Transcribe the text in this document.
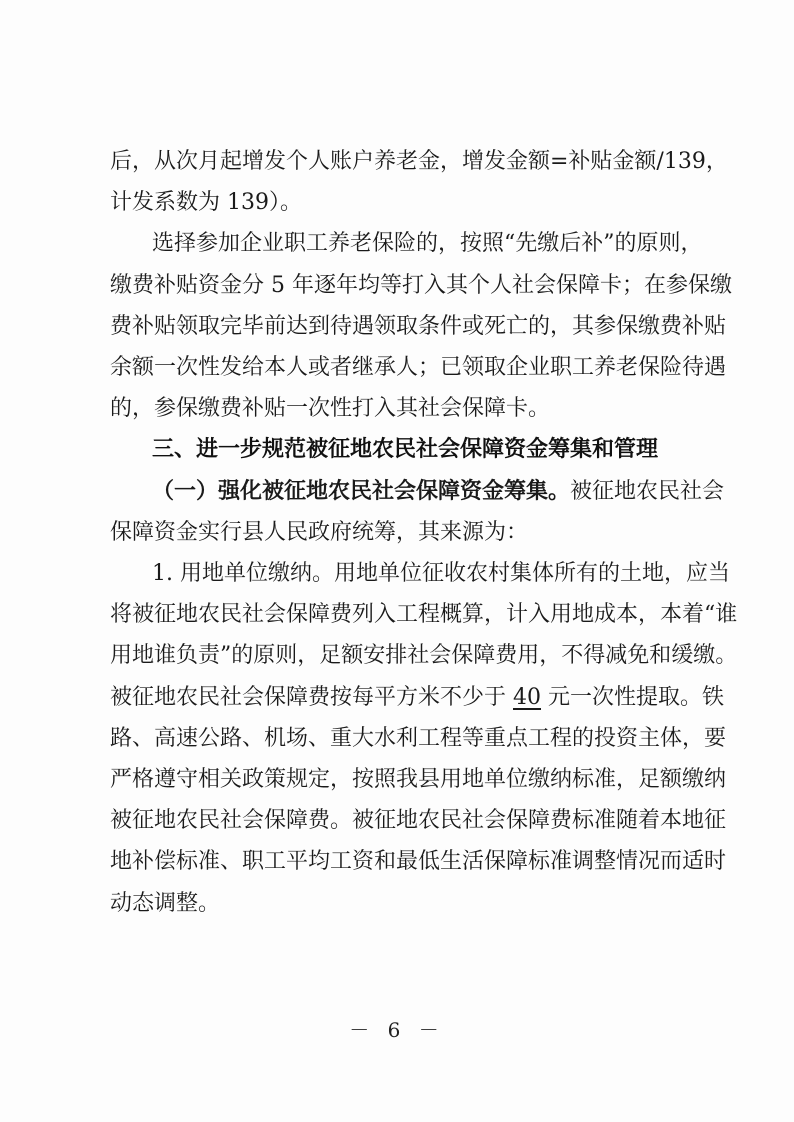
后，从次月起增发个人账户养老金，增发金额=补贴金额/139，
计发系数为 139）。
选择参加企业职工养老保险的，按照“先缴后补”的原则，
缴费补贴资金分 5 年逐年均等打入其个人社会保障卡；在参保缴
费补贴领取完毕前达到待遇领取条件或死亡的，其参保缴费补贴
余额一次性发给本人或者继承人；已领取企业职工养老保险待遇
的，参保缴费补贴一次性打入其社会保障卡。
三、进一步规范被征地农民社会保障资金筹集和管理
（一）强化被征地农民社会保障资金筹集。被征地农民社会
保障资金实行县人民政府统筹，其来源为：
1. 用地单位缴纳。用地单位征收农村集体所有的土地，应当
将被征地农民社会保障费列入工程概算，计入用地成本，本着“谁
用地谁负责”的原则，足额安排社会保障费用，不得减免和缓缴。
被征地农民社会保障费按每平方米不少于 40 元一次性提取。铁
路、高速公路、机场、重大水利工程等重点工程的投资主体，要
严格遵守相关政策规定，按照我县用地单位缴纳标准，足额缴纳
被征地农民社会保障费。被征地农民社会保障费标准随着本地征
地补偿标准、职工平均工资和最低生活保障标准调整情况而适时
－ 6 －
动态调整。
